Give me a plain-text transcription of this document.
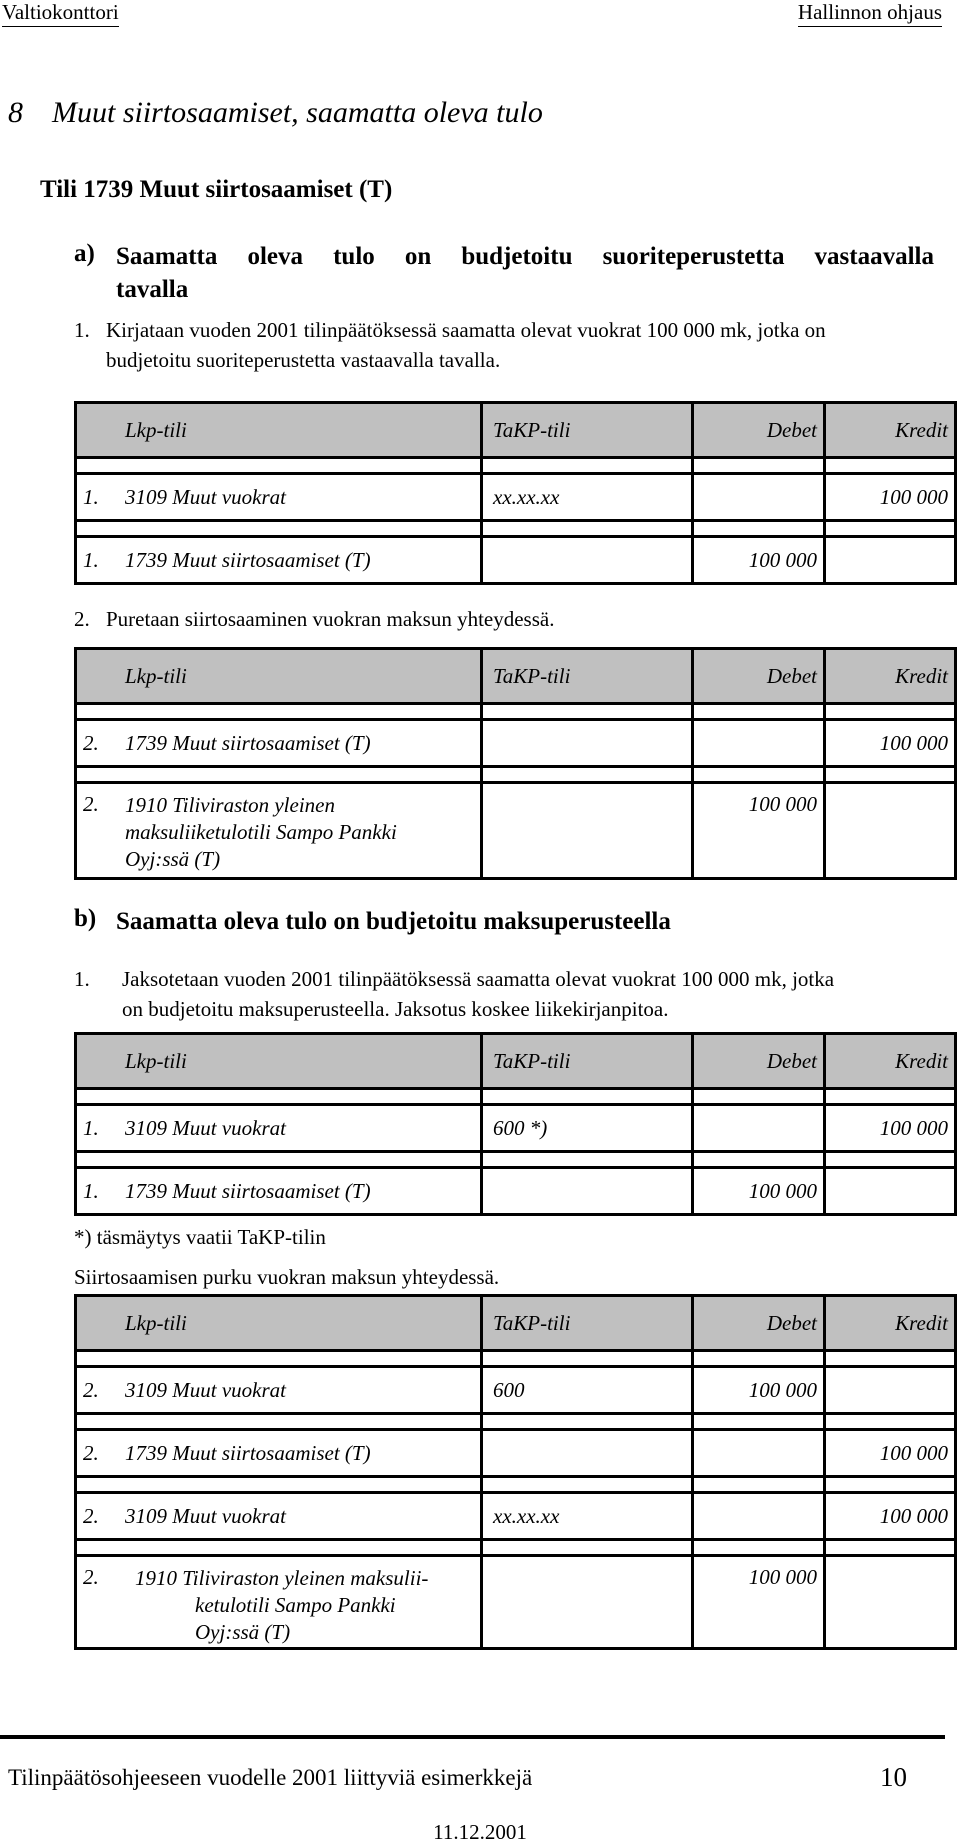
Valtiokonttori	Hallinnon ohjaus
8 Muut siirtosaamiset, saamatta oleva tulo
Tili 1739 Muut siirtosaamiset (T)
a) Saamatta oleva tulo on budjetoitu suoriteperustetta vastaavalla
tavalla
1. Kirjataan vuoden 2001 tilinpäätöksessä saamatta olevat vuokrat 100 000 mk, jotka on
budjetoitu suoriteperustetta vastaavalla tavalla.
Lkp-tili	TaKP-tili	Debet	Kredit

1. 3109 Muut vuokrat	xx.xx.xx		100 000

1. 1739 Muut siirtosaamiset (T)		100 000	
2. Puretaan siirtosaaminen vuokran maksun yhteydessä.
Lkp-tili	TaKP-tili	Debet	Kredit

2. 1739 Muut siirtosaamiset (T)			100 000

2. 1910 Tiliviraston yleinen
maksuliiketulotili Sampo Pankki
Oyj:ssä (T)		100 000	
b) Saamatta oleva tulo on budjetoitu maksuperusteella
1. Jaksotetaan vuoden 2001 tilinpäätöksessä saamatta olevat vuokrat 100 000 mk, jotka
on budjetoitu maksuperusteella. Jaksotus koskee liikekirjanpitoa.
Lkp-tili	TaKP-tili	Debet	Kredit

1. 3109 Muut vuokrat	600 *)		100 000

1. 1739 Muut siirtosaamiset (T)		100 000	
*) täsmäytys vaatii TaKP-tilin
Siirtosaamisen purku vuokran maksun yhteydessä.
Lkp-tili	TaKP-tili	Debet	Kredit

2. 3109 Muut vuokrat	600	100 000	

2. 1739 Muut siirtosaamiset (T)			100 000

2. 3109 Muut vuokrat	xx.xx.xx		100 000

2. 1910 Tiliviraston yleinen maksulii-
ketulotili Sampo Pankki
Oyj:ssä (T)		100 000	
Tilinpäätösohjeeseen vuodelle 2001 liittyviä esimerkkejä	10
11.12.2001
